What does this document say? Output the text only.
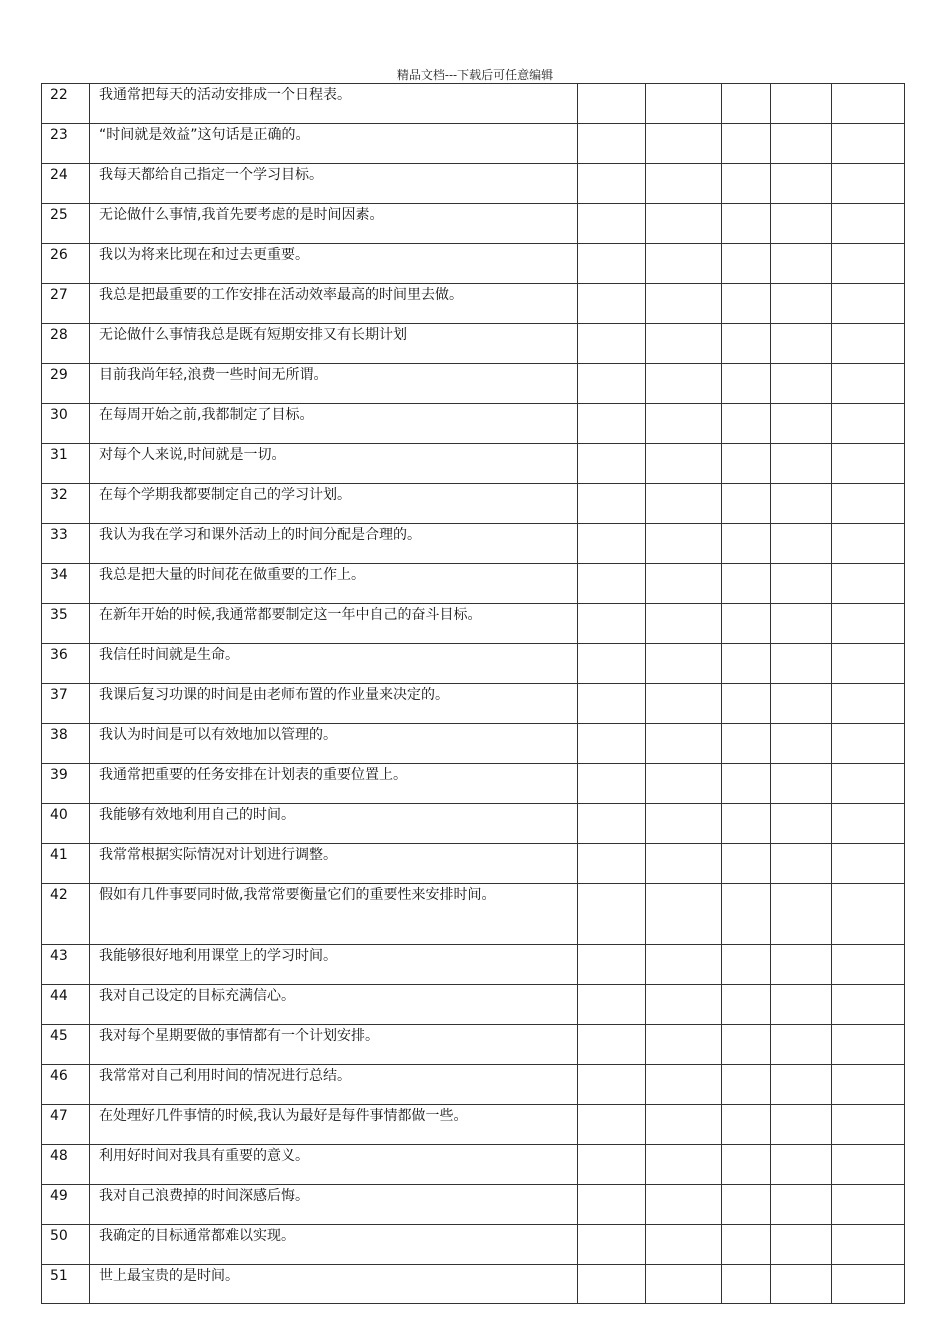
精品文档---下载后可任意编辑
22	我通常把每天的活动安排成一个日程表。					

23	“时间就是效益”这句话是正确的。					

24	我每天都给自己指定一个学习目标。					

25	无论做什么事情,我首先要考虑的是时间因素。					

26	我以为将来比现在和过去更重要。					

27	我总是把最重要的工作安排在活动效率最高的时间里去做。					

28	无论做什么事情我总是既有短期安排又有长期计划					

29	目前我尚年轻,浪费一些时间无所谓。					

30	在每周开始之前,我都制定了目标。					

31	对每个人来说,时间就是一切。					

32	在每个学期我都要制定自己的学习计划。					

33	我认为我在学习和课外活动上的时间分配是合理的。					

34	我总是把大量的时间花在做重要的工作上。					

35	在新年开始的时候,我通常都要制定这一年中自己的奋斗目标。					

36	我信任时间就是生命。					

37	我课后复习功课的时间是由老师布置的作业量来决定的。					

38	我认为时间是可以有效地加以管理的。					

39	我通常把重要的任务安排在计划表的重要位置上。					

40	我能够有效地利用自己的时间。					

41	我常常根据实际情况对计划进行调整。					

42	假如有几件事要同时做,我常常要衡量它们的重要性来安排时间。					

43	我能够很好地利用课堂上的学习时间。					

44	我对自己设定的目标充满信心。					

45	我对每个星期要做的事情都有一个计划安排。					

46	我常常对自己利用时间的情况进行总结。					

47	在处理好几件事情的时候,我认为最好是每件事情都做一些。					

48	利用好时间对我具有重要的意义。					

49	我对自己浪费掉的时间深感后悔。					

50	我确定的目标通常都难以实现。					

51	世上最宝贵的是时间。					
